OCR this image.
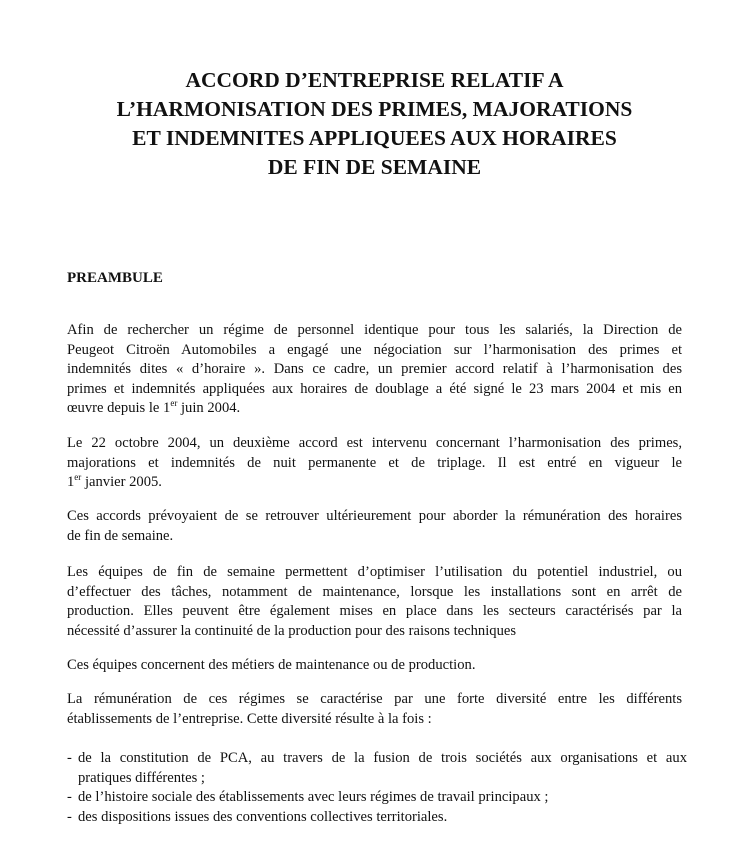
ACCORD D’ENTREPRISE RELATIF A
L’HARMONISATION DES PRIMES, MAJORATIONS
ET INDEMNITES APPLIQUEES AUX HORAIRES
DE FIN DE SEMAINE
PREAMBULE
Afin de rechercher un régime de personnel identique pour tous les salariés, la Direction de
Peugeot Citroën Automobiles a engagé une négociation sur l’harmonisation des primes et
indemnités dites « d’horaire ». Dans ce cadre, un premier accord relatif à l’harmonisation des
primes et indemnités appliquées aux horaires de doublage a été signé le 23 mars 2004 et mis en
œuvre depuis le 1er juin 2004.
Le 22 octobre 2004, un deuxième accord est intervenu concernant l’harmonisation des primes,
majorations et indemnités de nuit permanente et de triplage. Il est entré en vigueur le
1er janvier 2005.
Ces accords prévoyaient de se retrouver ultérieurement pour aborder la rémunération des horaires
de fin de semaine.
Les équipes de fin de semaine permettent d’optimiser l’utilisation du potentiel industriel, ou
d’effectuer des tâches, notamment de maintenance, lorsque les installations sont en arrêt de
production. Elles peuvent être également mises en place dans les secteurs caractérisés par la
nécessité d’assurer la continuité de la production pour des raisons techniques
Ces équipes concernent des métiers de maintenance ou de production.
La rémunération de ces régimes se caractérise par une forte diversité entre les différents
établissements de l’entreprise. Cette diversité résulte à la fois :
- de la constitution de PCA, au travers de la fusion de trois sociétés aux organisations et aux
pratiques différentes ;
- de l’histoire sociale des établissements avec leurs régimes de travail principaux ;
- des dispositions issues des conventions collectives territoriales.
